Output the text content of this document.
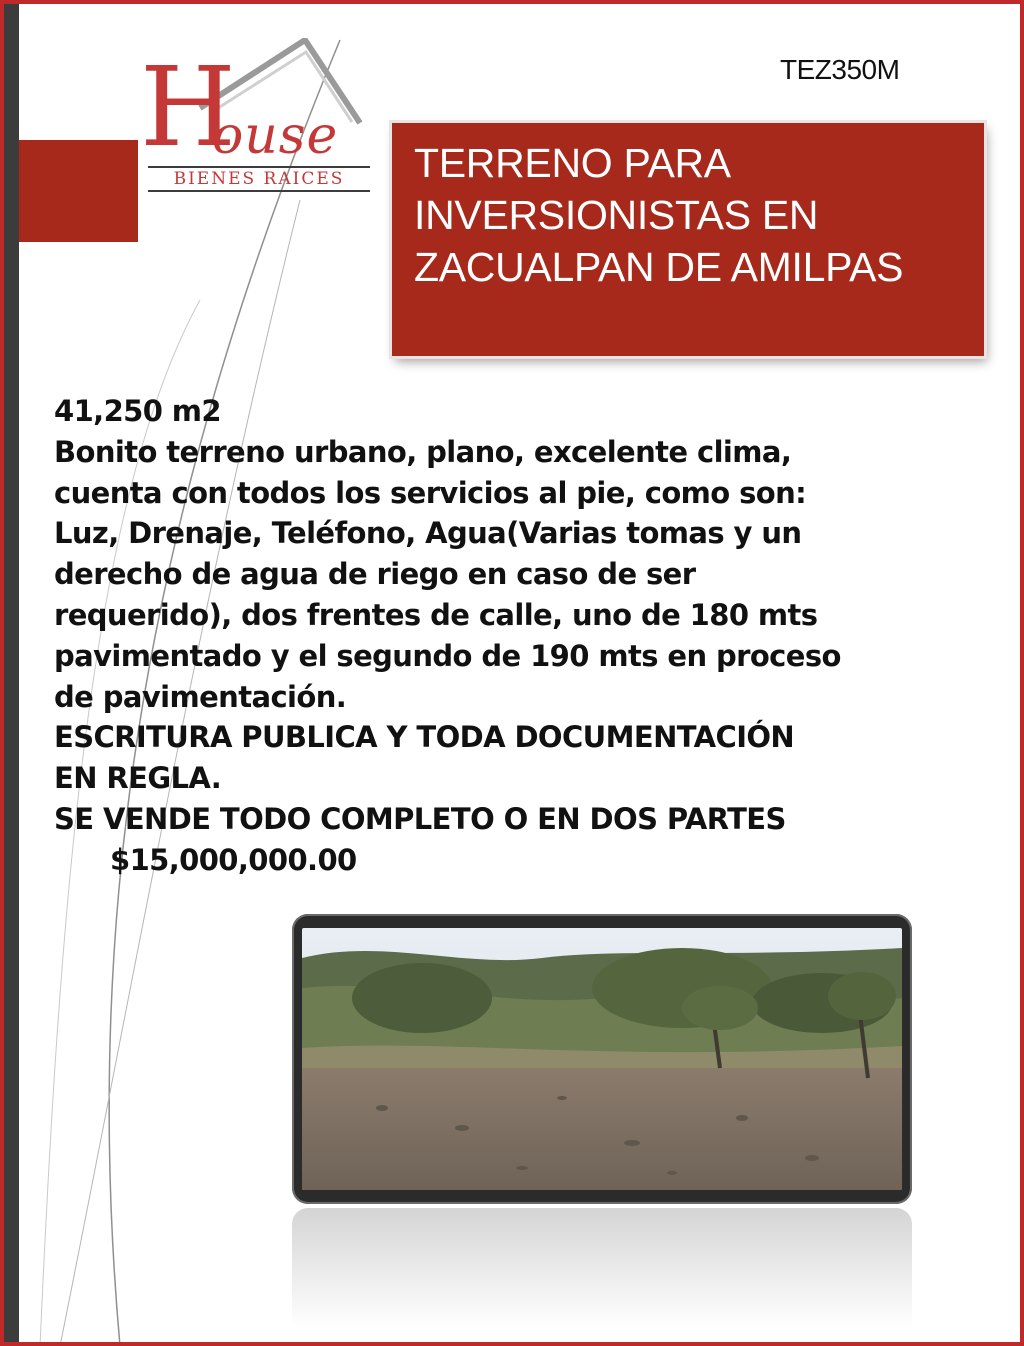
H
ouse
BIENES RAICES
TEZ350M

TERRENO PARA

INVERSIONISTAS EN

ZACUALPAN DE AMILPAS

41,250 m2
Bonito terreno urbano, plano, excelente clima,
cuenta con todos los servicios al pie, como son:
Luz, Drenaje, Teléfono, Agua(Varias tomas y un
derecho de agua de riego en caso de ser
requerido), dos frentes de calle, uno de 180 mts
pavimentado y el segundo de 190 mts en proceso
de pavimentación.
ESCRITURA PUBLICA Y TODA DOCUMENTACIÓN
EN REGLA.
SE VENDE TODO COMPLETO O EN DOS PARTES
$15,000,000.00
